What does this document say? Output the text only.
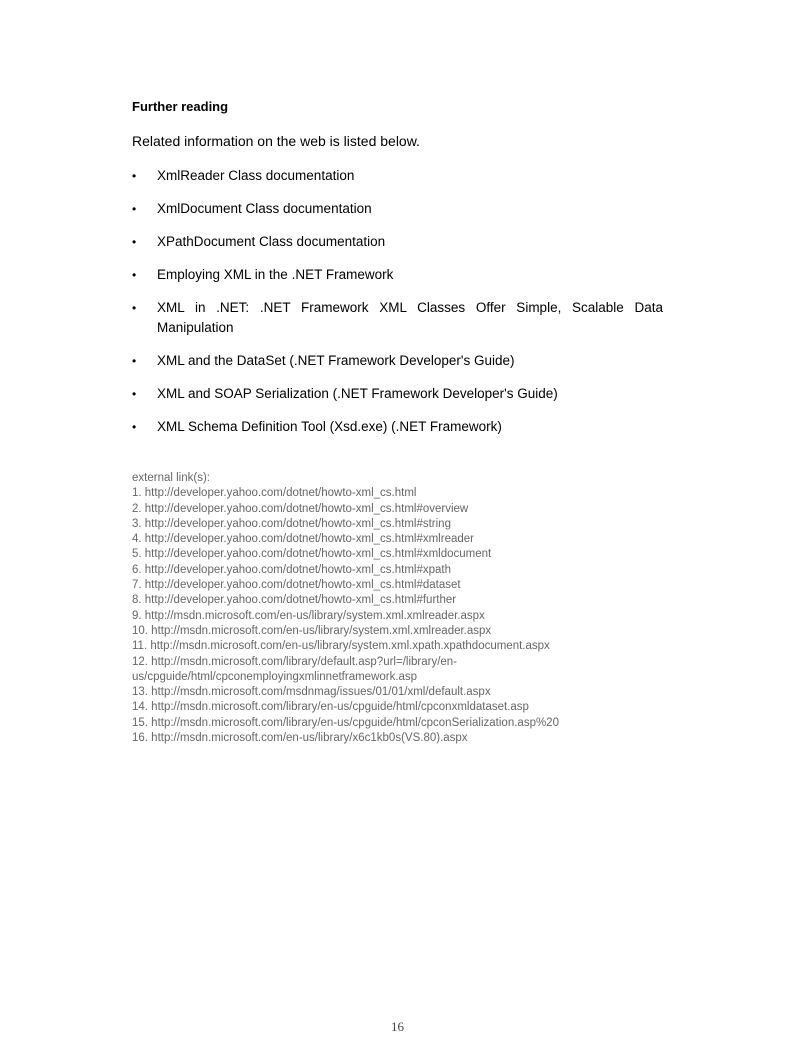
Further reading

Related information on the web is listed below.

• XmlReader Class documentation
• XmlDocument Class documentation
• XPathDocument Class documentation
• Employing XML in the .NET Framework
• XML in .NET: .NET Framework XML Classes Offer Simple, Scalable Data Manipulation
• XML and the DataSet (.NET Framework Developer's Guide)
• XML and SOAP Serialization (.NET Framework Developer's Guide)
• XML Schema Definition Tool (Xsd.exe) (.NET Framework)
external link(s):
1. http://developer.yahoo.com/dotnet/howto-xml_cs.html
2. http://developer.yahoo.com/dotnet/howto-xml_cs.html#overview
3. http://developer.yahoo.com/dotnet/howto-xml_cs.html#string
4. http://developer.yahoo.com/dotnet/howto-xml_cs.html#xmlreader
5. http://developer.yahoo.com/dotnet/howto-xml_cs.html#xmldocument
6. http://developer.yahoo.com/dotnet/howto-xml_cs.html#xpath
7. http://developer.yahoo.com/dotnet/howto-xml_cs.html#dataset
8. http://developer.yahoo.com/dotnet/howto-xml_cs.html#further
9. http://msdn.microsoft.com/en-us/library/system.xml.xmlreader.aspx
10. http://msdn.microsoft.com/en-us/library/system.xml.xmlreader.aspx
11. http://msdn.microsoft.com/en-us/library/system.xml.xpath.xpathdocument.aspx
12. http://msdn.microsoft.com/library/default.asp?url=/library/en-
us/cpguide/html/cpconemployingxmlinnetframework.asp
13. http://msdn.microsoft.com/msdnmag/issues/01/01/xml/default.aspx
14. http://msdn.microsoft.com/library/en-us/cpguide/html/cpconxmldataset.asp
15. http://msdn.microsoft.com/library/en-us/cpguide/html/cpconSerialization.asp%20
16. http://msdn.microsoft.com/en-us/library/x6c1kb0s(VS.80).aspx
16
